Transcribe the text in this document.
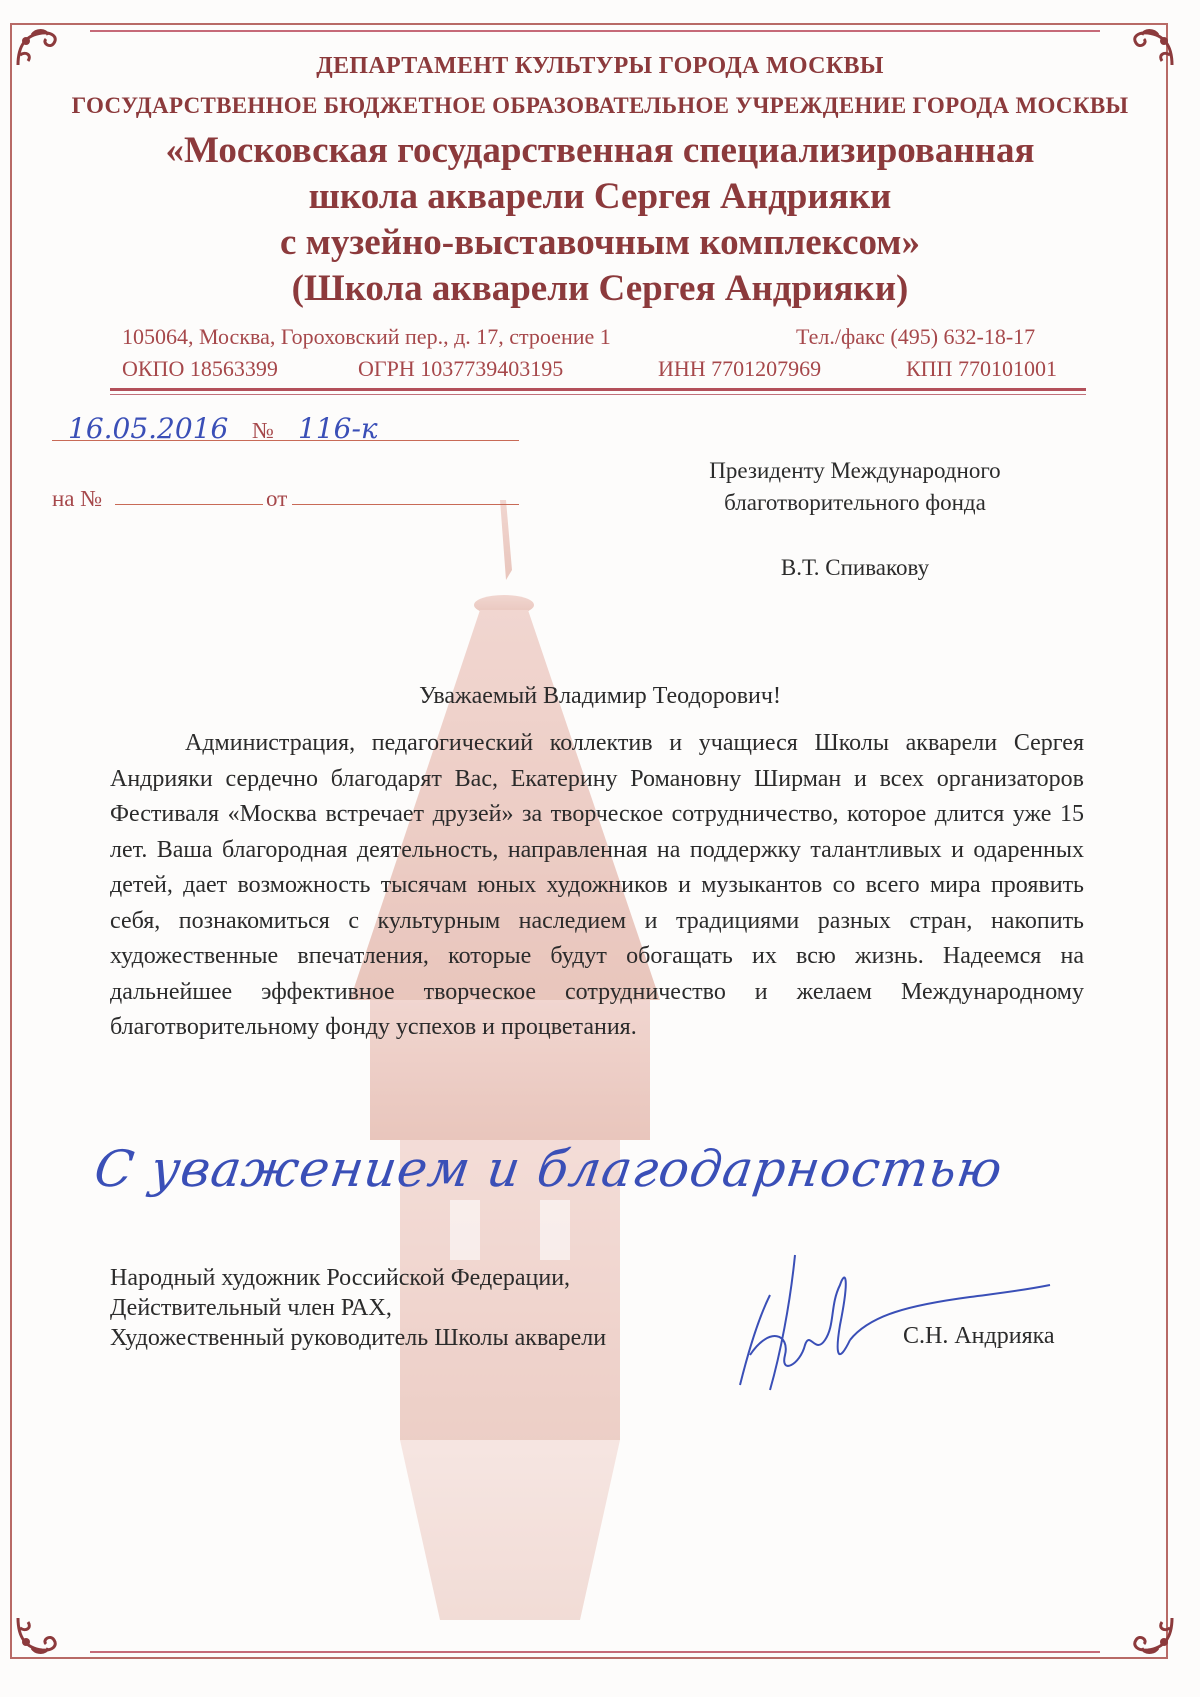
ДЕПАРТАМЕНТ КУЛЬТУРЫ ГОРОДА МОСКВЫ
ГОСУДАРСТВЕННОЕ БЮДЖЕТНОЕ ОБРАЗОВАТЕЛЬНОЕ УЧРЕЖДЕНИЕ ГОРОДА МОСКВЫ
«Московская государственная специализированная
школа акварели Сергея Андрияки
с музейно-выставочным комплексом»
(Школа акварели Сергея Андрияки)
105064, Москва, Гороховский пер., д. 17, строение 1	Тел./факс (495) 632-18-17
ОКПО 18563399	ОГРН 1037739403195	ИНН 7701207969	КПП 770101001
16.05.2016 № 116-к
на №	от
Президенту Международного
благотворительного фонда
В.Т. Спивакову
Уважаемый Владимир Теодорович!
Администрация, педагогический коллектив и учащиеся Школы акварели Сергея Андрияки сердечно благодарят Вас, Екатерину Романовну Ширман и всех организаторов Фестиваля «Москва встречает друзей» за творческое сотрудничество, которое длится уже 15 лет. Ваша благородная деятельность, направленная на поддержку талантливых и одаренных детей, дает возможность тысячам юных художников и музыкантов со всего мира проявить себя, познакомиться с культурным наследием и традициями разных стран, накопить художественные впечатления, которые будут обогащать их всю жизнь. Надеемся на дальнейшее эффективное творческое сотрудничество и желаем Международному благотворительному фонду успехов и процветания.
С уважением и благодарностью
Народный художник Российской Федерации,
Действительный член РАХ,
Художественный руководитель Школы акварели	С.Н. Андрияка
